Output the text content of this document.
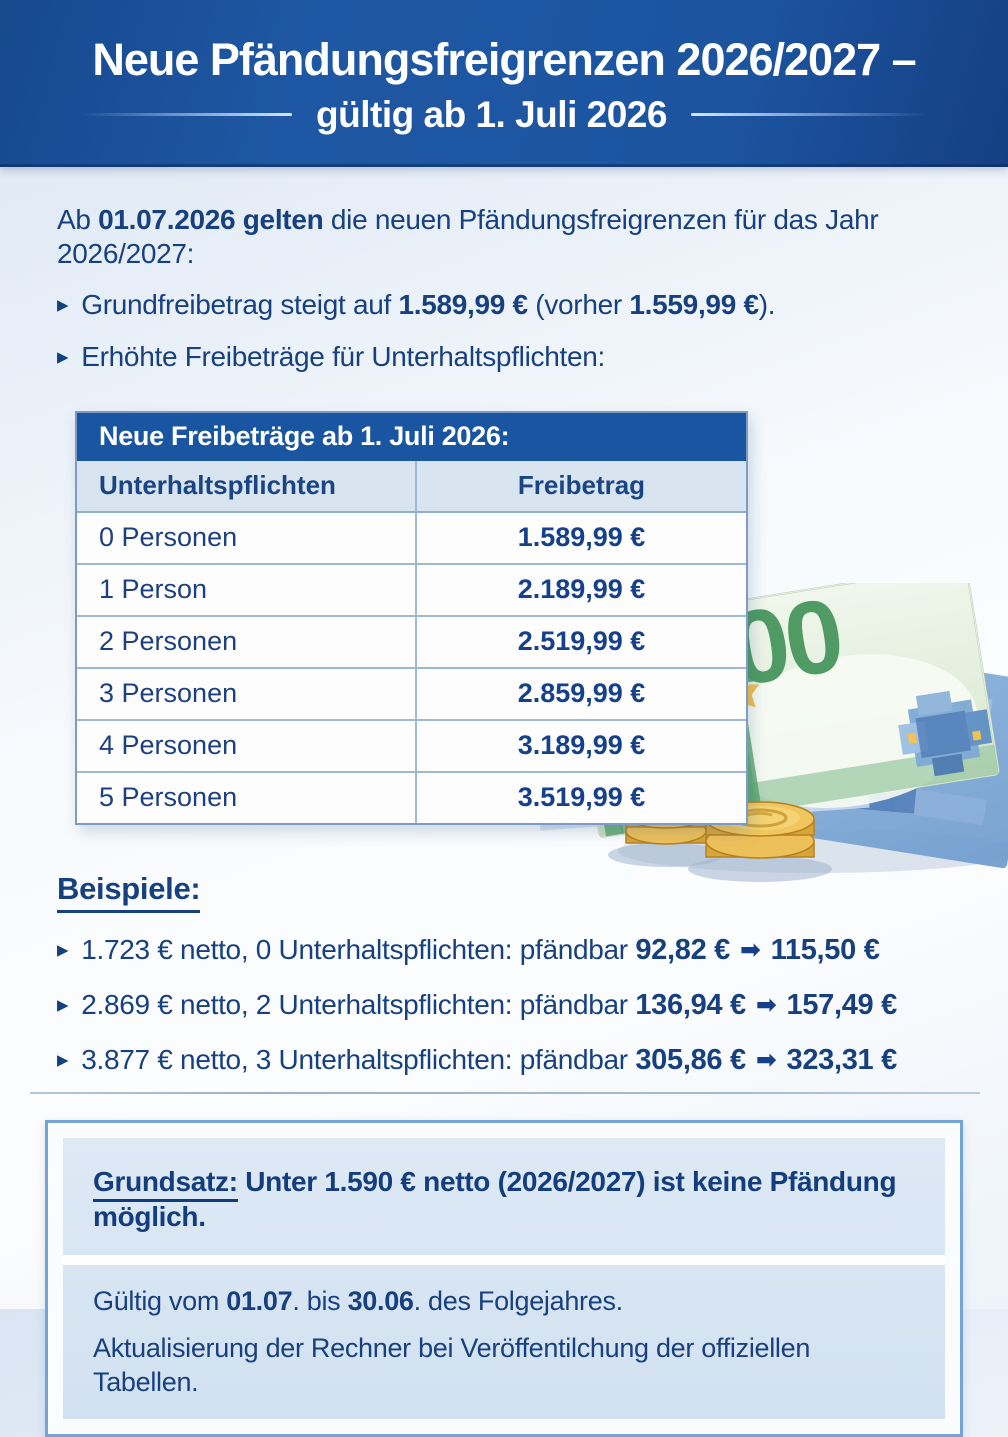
Neue Pfändungsfreigrenzen 2026/2027 –
gültig ab 1. Juli 2026

Ab 01.07.2026 gelten die neuen Pfändungsfreigrenzen für das Jahr 2026/2027:

▸ Grundfreibetrag steigt auf 1.589,99 € (vorher 1.559,99 €).
▸ Erhöhte Freibeträge für Unterhaltspflichten:
Neue Freibeträge ab 1. Juli 2026:
Unterhaltspflichten	Freibetrag
0 Personen	1.589,99 €
1 Person	2.189,99 €
2 Personen	2.519,99 €
3 Personen	2.859,99 €
4 Personen	3.189,99 €
5 Personen	3.519,99 €
Beispiele:
▸ 1.723 € netto, 0 Unterhaltspflichten: pfändbar 92,82 € ➡ 115,50 €
▸ 2.869 € netto, 2 Unterhaltspflichten: pfändbar 136,94 € ➡ 157,49 €
▸ 3.877 € netto, 3 Unterhaltspflichten: pfändbar 305,86 € ➡ 323,31 €
Grundsatz: Unter 1.590 € netto (2026/2027) ist keine Pfändung möglich.
Gültig vom 01.07. bis 30.06. des Folgejahres.
Aktualisierung der Rechner bei Veröffentilchung der offiziellen Tabellen.
